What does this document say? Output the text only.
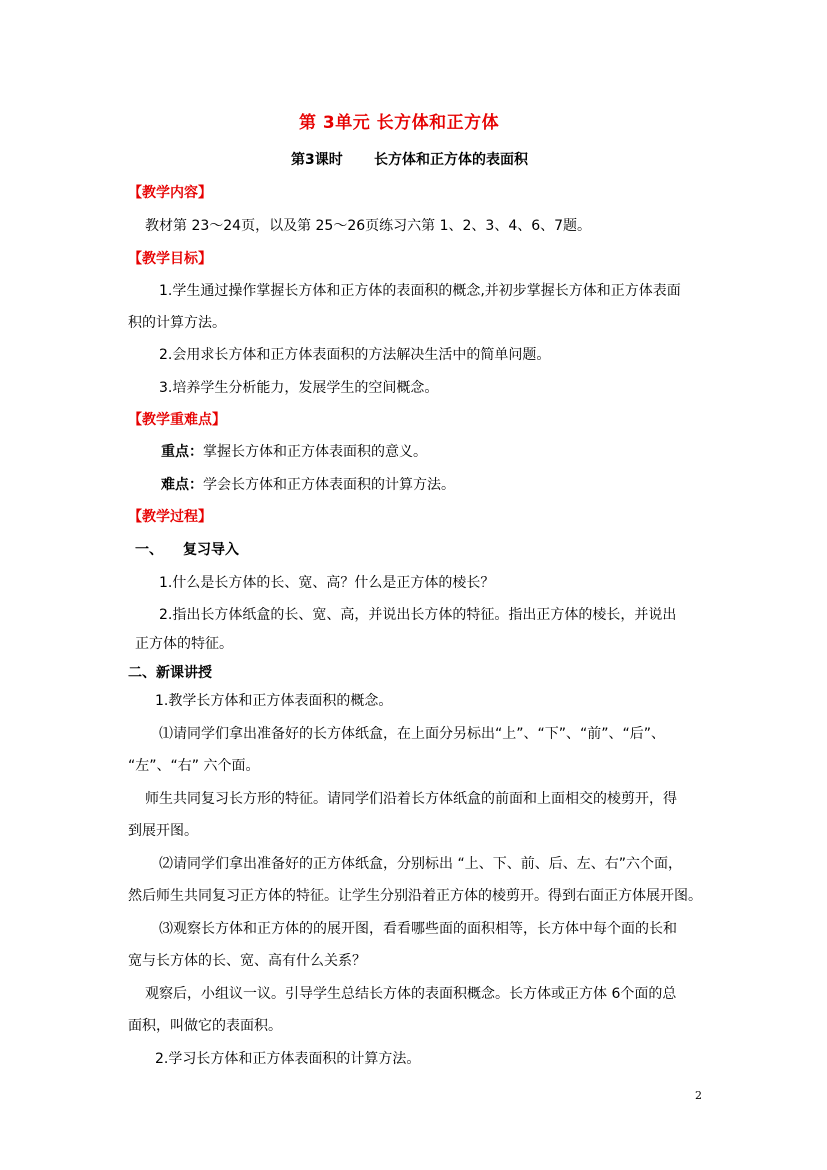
第 3单元 长方体和正方体
第3课时 长方体和正方体的表面积
【教学内容】
教材第 23～24页，以及第 25～26页练习六第 1、2、3、4、6、7题。
【教学目标】
1.学生通过操作掌握长方体和正方体的表面积的概念,并初步掌握长方体和正方体表面
积的计算方法。
2.会用求长方体和正方体表面积的方法解决生活中的简单问题。
3.培养学生分析能力，发展学生的空间概念。
【教学重难点】
重点：掌握长方体和正方体表面积的意义。
难点：学会长方体和正方体表面积的计算方法。
【教学过程】
一、 复习导入
1.什么是长方体的长、宽、高？什么是正方体的棱长？
2.指出长方体纸盒的长、宽、高，并说出长方体的特征。指出正方体的棱长，并说出
正方体的特征。
二、新课讲授
1.教学长方体和正方体表面积的概念。
⑴请同学们拿出准备好的长方体纸盒，在上面分另标出“上”、“下”、“前”、“后”、
“左”、“右” 六个面。
师生共同复习长方形的特征。请同学们沿着长方体纸盒的前面和上面相交的棱剪开，得
到展开图。
⑵请同学们拿出准备好的正方体纸盒，分别标出 “上、下、前、后、左、右”六个面，
然后师生共同复习正方体的特征。让学生分别沿着正方体的棱剪开。得到右面正方体展开图。
⑶观察长方体和正方体的的展开图，看看哪些面的面积相等，长方体中每个面的长和
宽与长方体的长、宽、高有什么关系？
观察后，小组议一议。引导学生总结长方体的表面积概念。长方体或正方体 6个面的总
面积，叫做它的表面积。
2.学习长方体和正方体表面积的计算方法。
2
